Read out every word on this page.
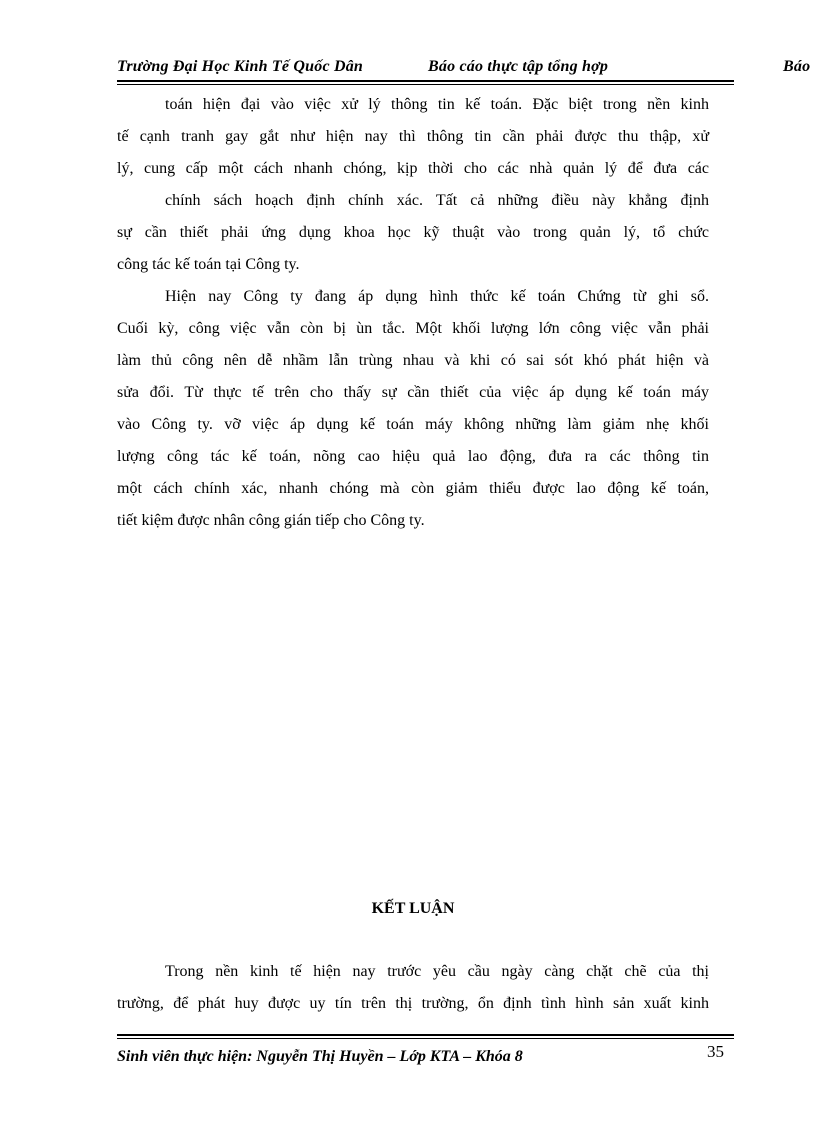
Trường Đại Học Kinh Tế Quốc Dân	Báo cáo thực tập tổng hợp	Báo
toán hiện đại vào việc xử lý thông tin kế toán. Đặc biệt trong nền kinh
tế cạnh tranh gay gắt như hiện nay thì thông tin cần phải được thu thập, xử
lý, cung cấp một cách nhanh chóng, kịp thời cho các nhà quản lý để đưa các
chính sách hoạch định chính xác. Tất cả những điều này khẳng định
sự cần thiết phải ứng dụng khoa học kỹ thuật vào trong quản lý, tổ chức
công tác kế toán tại Công ty.
Hiện nay Công ty đang áp dụng hình thức kế toán Chứng từ ghi sổ.
Cuối kỳ, công việc vẫn còn bị ùn tắc. Một khối lượng lớn công việc vẫn phải
làm thủ công nên dễ nhầm lẫn trùng nhau và khi có sai sót khó phát hiện và
sửa đổi. Từ thực tế trên cho thấy sự cần thiết của việc áp dụng kế toán máy
vào Công ty. vỡ việc áp dụng kế toán máy không những làm giảm nhẹ khối
lượng công tác kế toán, nõng cao hiệu quả lao động, đưa ra các thông tin
một cách chính xác, nhanh chóng mà còn giảm thiểu được lao động kế toán,
tiết kiệm được nhân công gián tiếp cho Công ty.
KẾT LUẬN
Trong nền kinh tế hiện nay trước yêu cầu ngày càng chặt chẽ của thị
trường, để phát huy được uy tín trên thị trường, ổn định tình hình sản xuất kinh
Sinh viên thực hiện: Nguyễn Thị Huyền – Lớp KTA – Khóa 8	35
